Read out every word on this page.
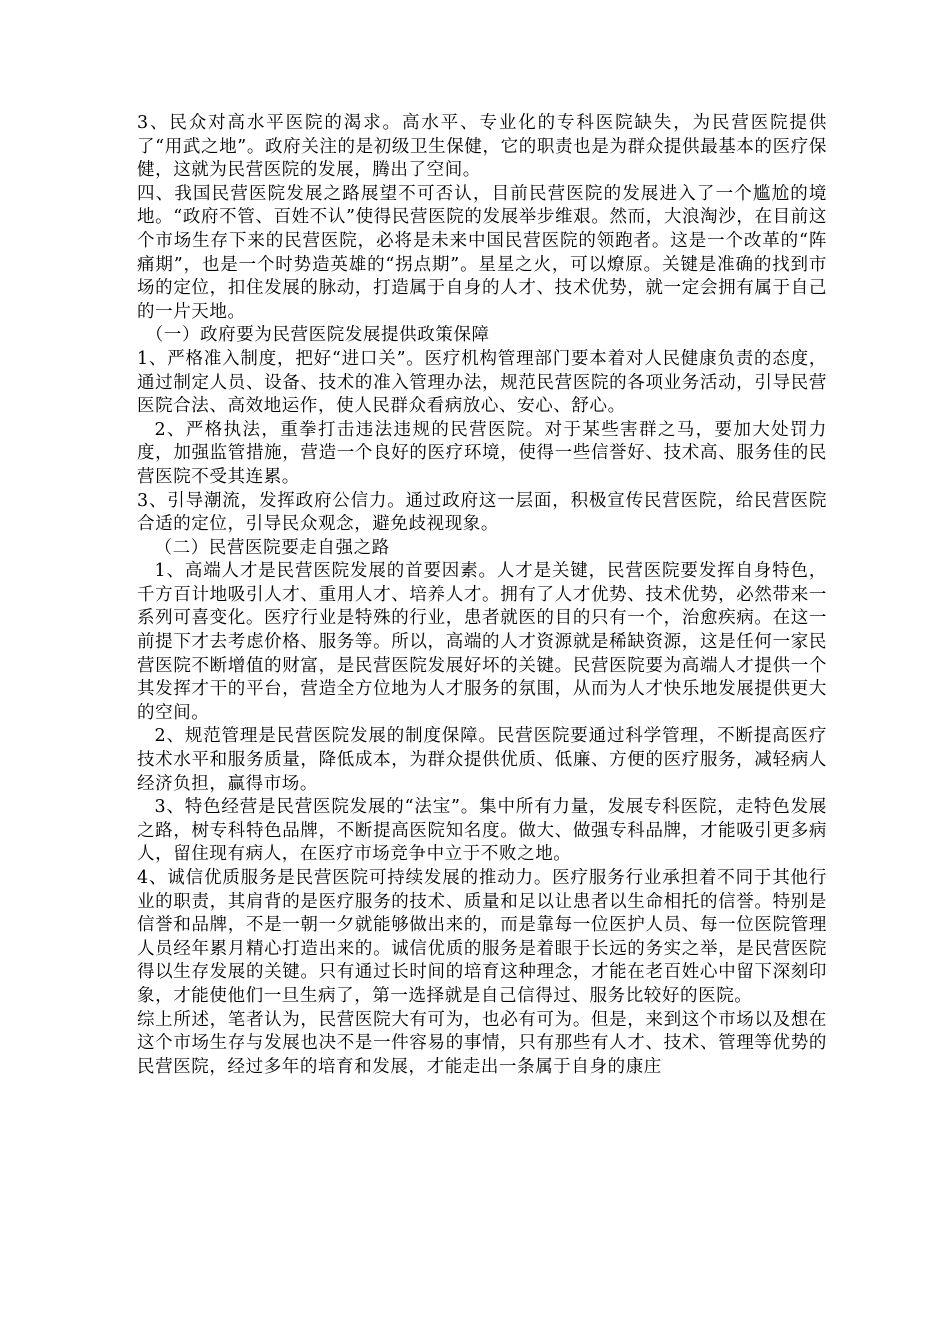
3、民众对高水平医院的渴求。高水平、专业化的专科医院缺失，为民营医院提供了“用武之地”。政府关注的是初级卫生保健，它的职责也是为群众提供最基本的医疗保健，这就为民营医院的发展，腾出了空间。

四、我国民营医院发展之路展望不可否认，目前民营医院的发展进入了一个尴尬的境地。“政府不管、百姓不认”使得民营医院的发展举步维艰。然而，大浪淘沙，在目前这个市场生存下来的民营医院，必将是未来中国民营医院的领跑者。这是一个改革的“阵痛期”，也是一个时势造英雄的“拐点期”。星星之火，可以燎原。关键是准确的找到市场的定位，扣住发展的脉动，打造属于自身的人才、技术优势，就一定会拥有属于自己的一片天地。

（一）政府要为民营医院发展提供政策保障

1、严格准入制度，把好“进口关”。医疗机构管理部门要本着对人民健康负责的态度，通过制定人员、设备、技术的准入管理办法，规范民营医院的各项业务活动，引导民营医院合法、高效地运作，使人民群众看病放心、安心、舒心。

2、严格执法，重拳打击违法违规的民营医院。对于某些害群之马，要加大处罚力度，加强监管措施，营造一个良好的医疗环境，使得一些信誉好、技术高、服务佳的民营医院不受其连累。

3、引导潮流，发挥政府公信力。通过政府这一层面，积极宣传民营医院，给民营医院合适的定位，引导民众观念，避免歧视现象。

（二）民营医院要走自强之路

1、高端人才是民营医院发展的首要因素。人才是关键，民营医院要发挥自身特色，千方百计地吸引人才、重用人才、培养人才。拥有了人才优势、技术优势，必然带来一系列可喜变化。医疗行业是特殊的行业，患者就医的目的只有一个，治愈疾病。在这一前提下才去考虑价格、服务等。所以，高端的人才资源就是稀缺资源，这是任何一家民营医院不断增值的财富，是民营医院发展好坏的关键。民营医院要为高端人才提供一个其发挥才干的平台，营造全方位地为人才服务的氛围，从而为人才快乐地发展提供更大的空间。

2、规范管理是民营医院发展的制度保障。民营医院要通过科学管理，不断提高医疗技术水平和服务质量，降低成本，为群众提供优质、低廉、方便的医疗服务，减轻病人经济负担，赢得市场。

3、特色经营是民营医院发展的“法宝”。集中所有力量，发展专科医院，走特色发展之路，树专科特色品牌，不断提高医院知名度。做大、做强专科品牌，才能吸引更多病人，留住现有病人，在医疗市场竞争中立于不败之地。

4、诚信优质服务是民营医院可持续发展的推动力。医疗服务行业承担着不同于其他行业的职责，其肩背的是医疗服务的技术、质量和足以让患者以生命相托的信誉。特别是信誉和品牌，不是一朝一夕就能够做出来的，而是靠每一位医护人员、每一位医院管理人员经年累月精心打造出来的。诚信优质的服务是着眼于长远的务实之举，是民营医院得以生存发展的关键。只有通过长时间的培育这种理念，才能在老百姓心中留下深刻印象，才能使他们一旦生病了，第一选择就是自己信得过、服务比较好的医院。

综上所述，笔者认为，民营医院大有可为，也必有可为。但是，来到这个市场以及想在这个市场生存与发展也决不是一件容易的事情，只有那些有人才、技术、管理等优势的民营医院，经过多年的培育和发展，才能走出一条属于自身的康庄
